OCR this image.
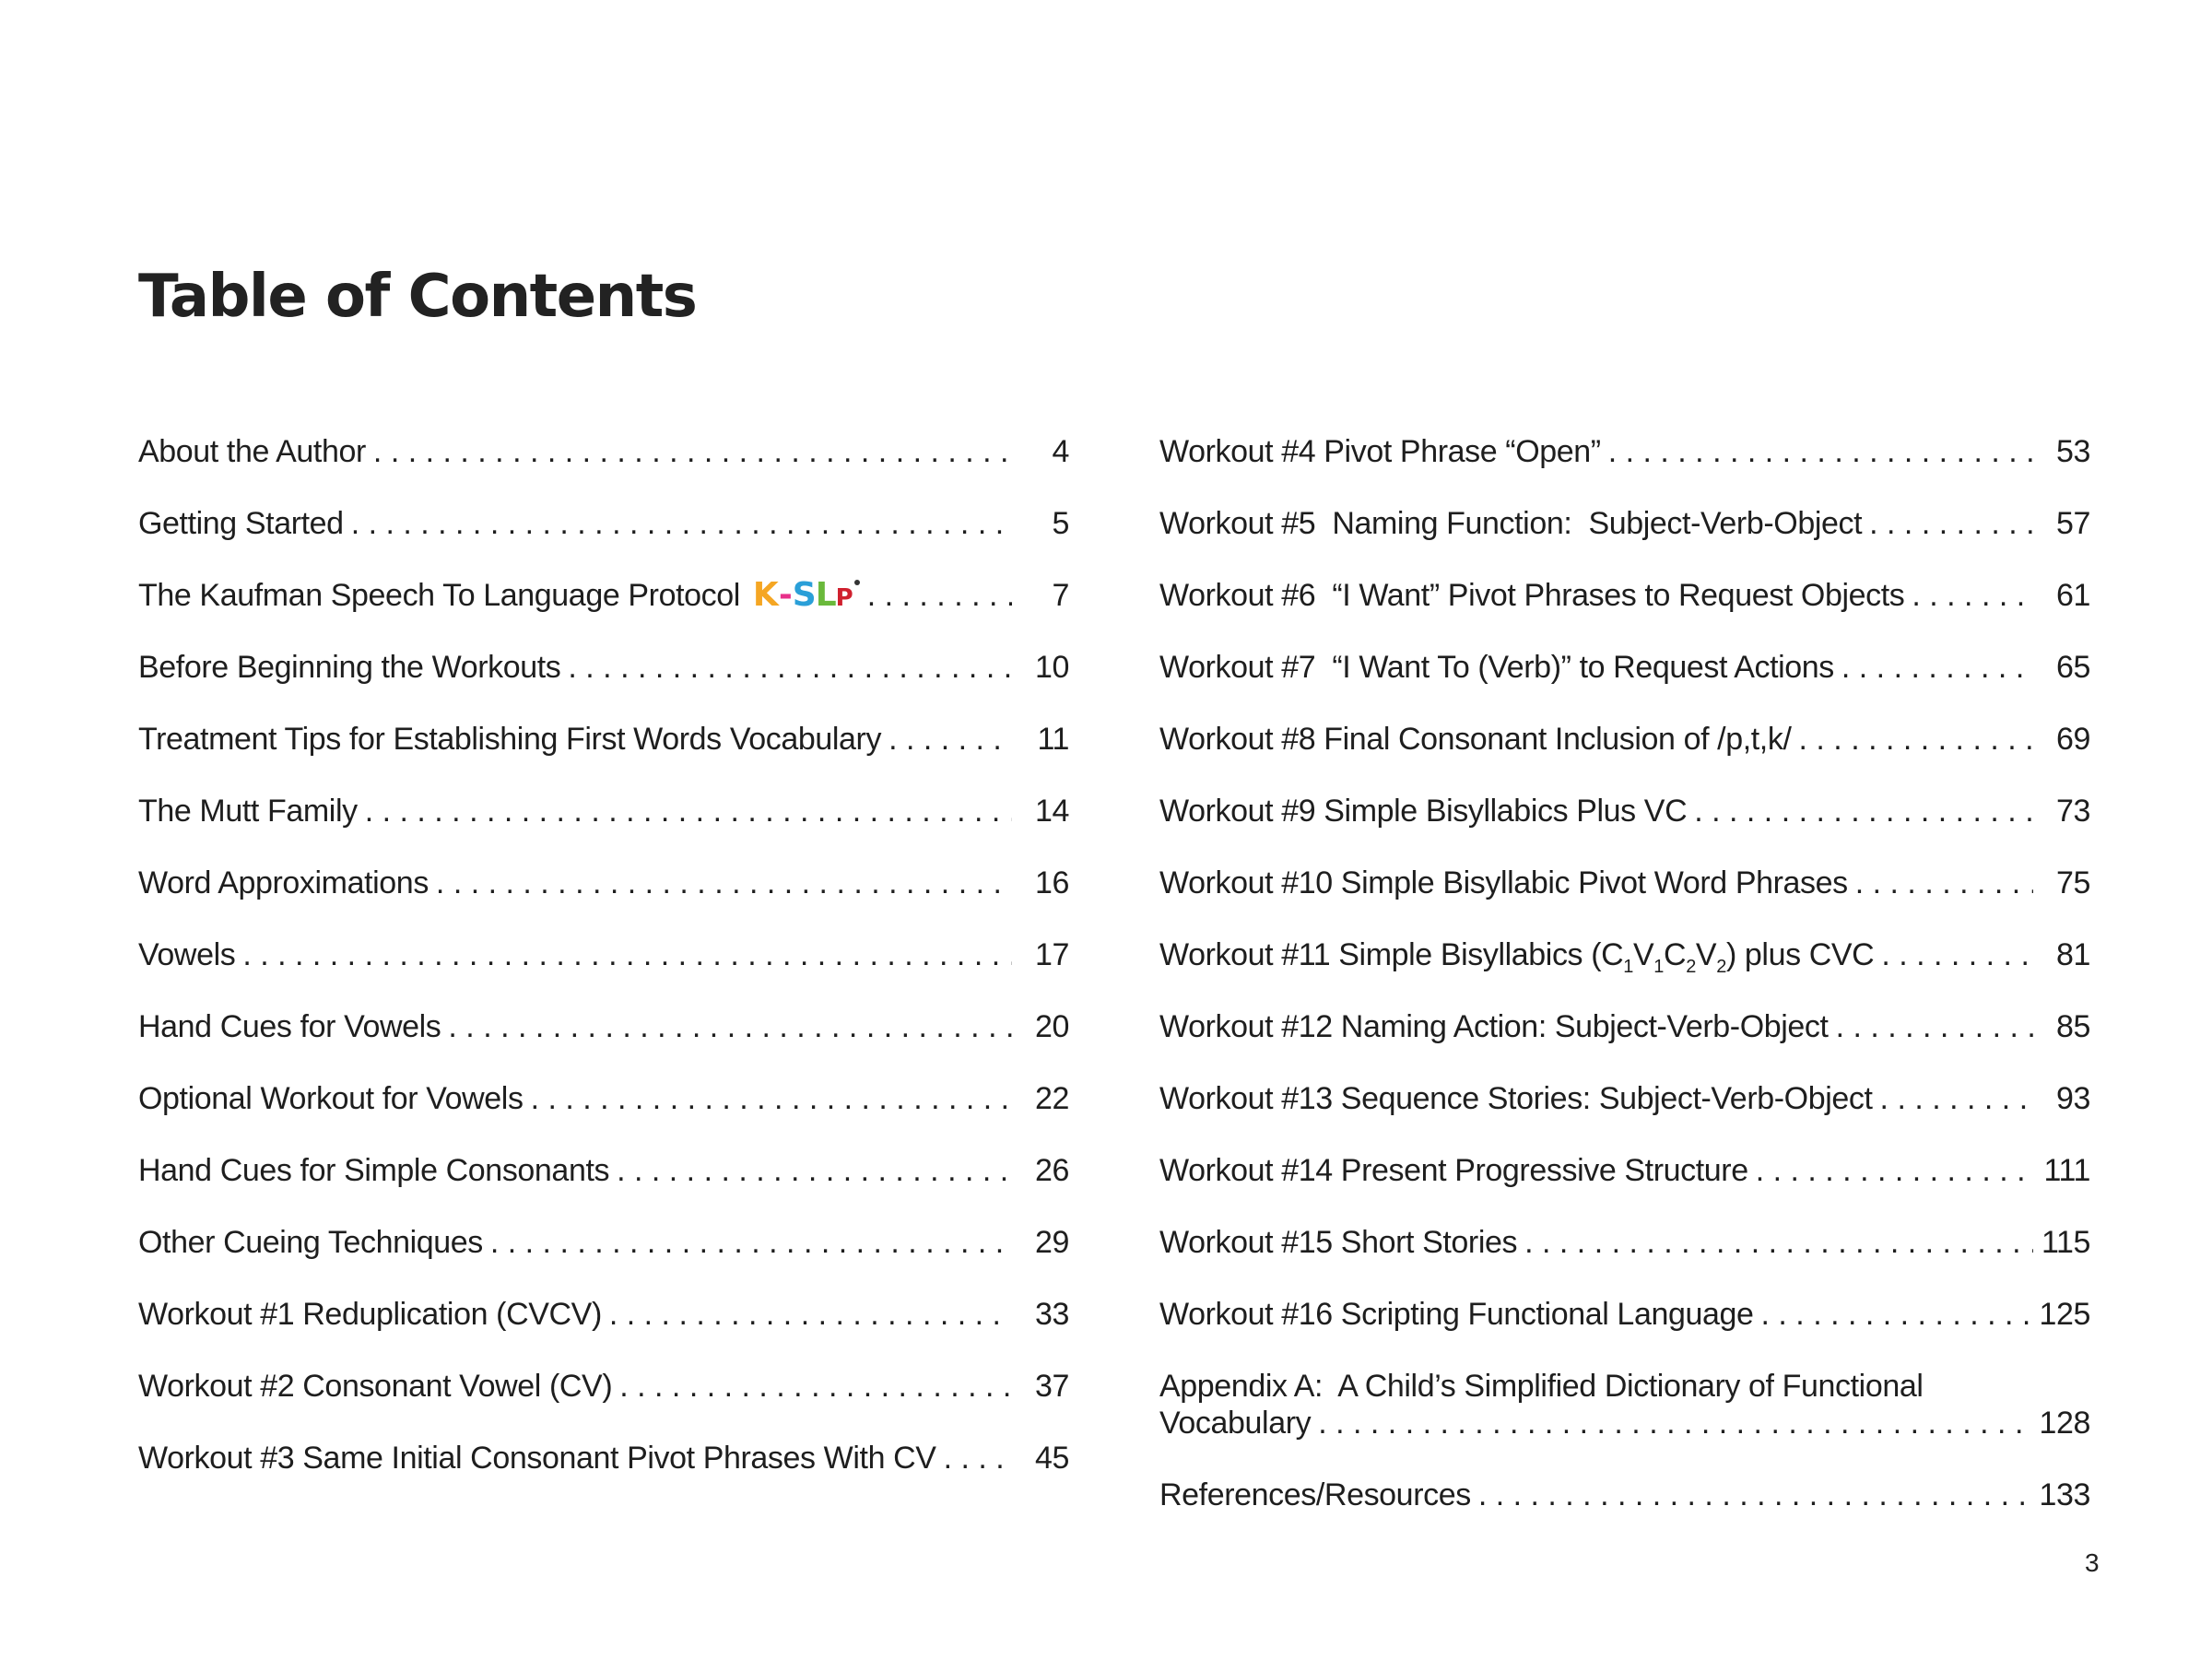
Table of Contents
About the Author . . .	4
Getting Started . . .	5
The Kaufman Speech To Language Protocol K - S L P . . .	7
Before Beginning the Workouts . . .	10
Treatment Tips for Establishing First Words Vocabulary . . .	11
The Mutt Family . . .	14
Word Approximations . . .	16
Vowels . . .	17
Hand Cues for Vowels . . .	20
Optional Workout for Vowels . . .	22
Hand Cues for Simple Consonants . . .	26
Other Cueing Techniques . . .	29
Workout #1 Reduplication (CVCV) . . .	33
Workout #2 Consonant Vowel (CV) . . .	37
Workout #3 Same Initial Consonant Pivot Phrases With CV . . .	45
Workout #4 Pivot Phrase “Open” . . .	53
Workout #5  Naming Function:  Subject-Verb-Object . . .	57
Workout #6  “I Want” Pivot Phrases to Request Objects . . .	61
Workout #7  “I Want To (Verb)” to Request Actions . . .	65
Workout #8 Final Consonant Inclusion of /p,t,k/ . . .	69
Workout #9 Simple Bisyllabics Plus VC . . .	73
Workout #10 Simple Bisyllabic Pivot Word Phrases . . .	75
Workout #11 Simple Bisyllabics $(C_1V_1C_2V_2)$ plus CVC . . .	81
Workout #12 Naming Action: Subject-Verb-Object . . .	85
Workout #13 Sequence Stories: Subject-Verb-Object . . .	93
Workout #14 Present Progressive Structure . . .	111
Workout #15 Short Stories . . .	115
Workout #16 Scripting Functional Language . . .	125
Appendix A:  A Child’s Simplified Dictionary of Functional
Vocabulary . . .	128
References/Resources . . .	133
3
